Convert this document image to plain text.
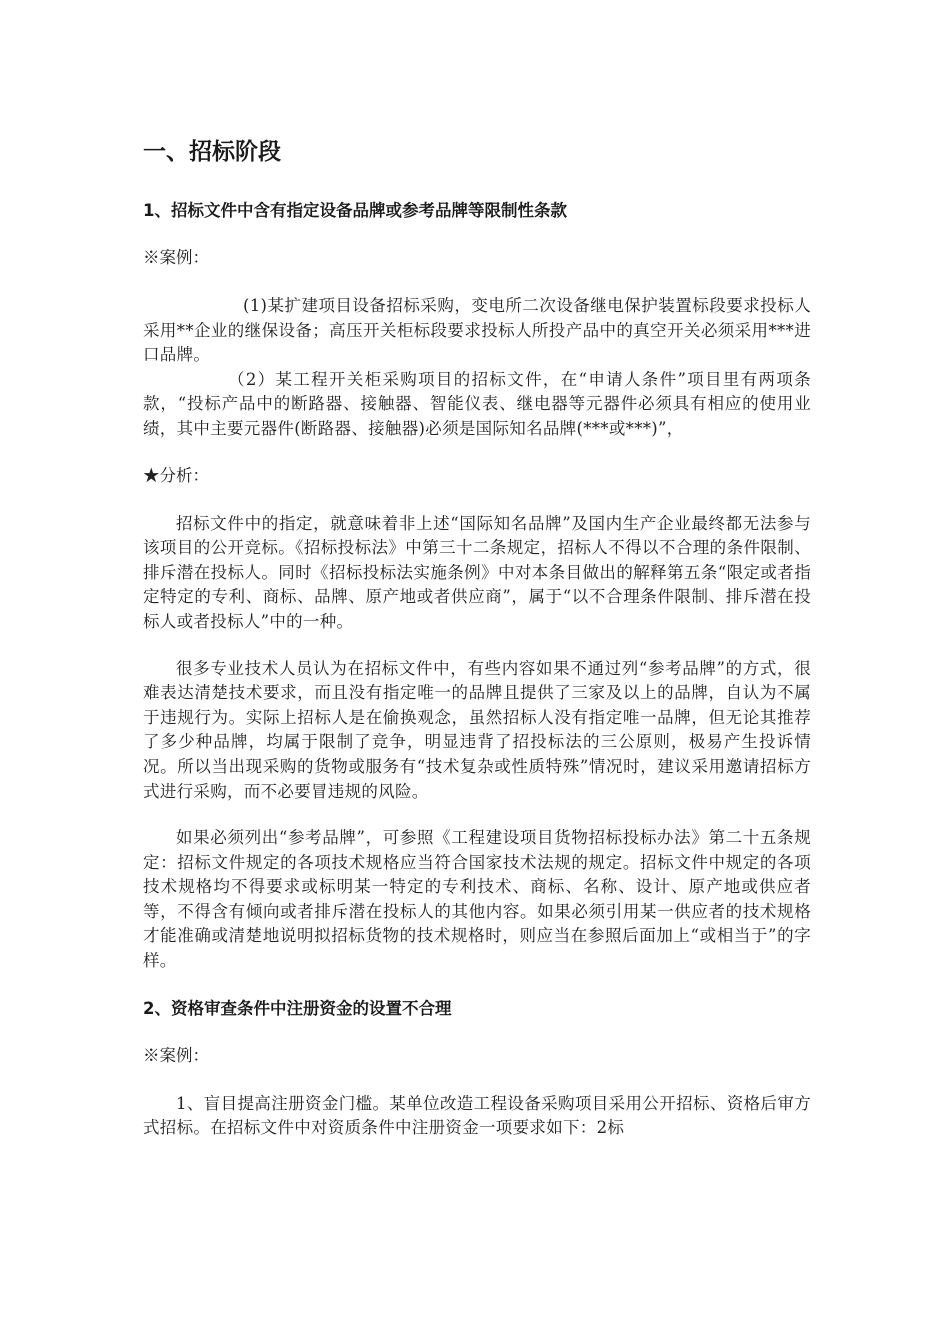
一、招标阶段
1、招标文件中含有指定设备品牌或参考品牌等限制性条款
※案例：

(1)某扩建项目设备招标采购，变电所二次设备继电保护装置标段要求投标人采用**企业的继保设备；高压开关柜标段要求投标人所投产品中的真空开关必须采用***进口品牌。

（2）某工程开关柜采购项目的招标文件，在“申请人条件”项目里有两项条款，“投标产品中的断路器、接触器、智能仪表、继电器等元器件必须具有相应的使用业绩，其中主要元器件(断路器、接触器)必须是国际知名品牌(***或***)”，

★分析：

招标文件中的指定，就意味着非上述“国际知名品牌”及国内生产企业最终都无法参与该项目的公开竞标。《招标投标法》中第三十二条规定，招标人不得以不合理的条件限制、排斥潜在投标人。同时《招标投标法实施条例》中对本条目做出的解释第五条“限定或者指定特定的专利、商标、品牌、原产地或者供应商”，属于“以不合理条件限制、排斥潜在投标人或者投标人”中的一种。

很多专业技术人员认为在招标文件中，有些内容如果不通过列“参考品牌”的方式，很难表达清楚技术要求，而且没有指定唯一的品牌且提供了三家及以上的品牌，自认为不属于违规行为。实际上招标人是在偷换观念，虽然招标人没有指定唯一品牌，但无论其推荐了多少种品牌，均属于限制了竞争，明显违背了招投标法的三公原则，极易产生投诉情况。所以当出现采购的货物或服务有“技术复杂或性质特殊”情况时，建议采用邀请招标方式进行采购，而不必要冒违规的风险。

如果必须列出“参考品牌”，可参照《工程建设项目货物招标投标办法》第二十五条规定：招标文件规定的各项技术规格应当符合国家技术法规的规定。招标文件中规定的各项技术规格均不得要求或标明某一特定的专利技术、商标、名称、设计、原产地或供应者等，不得含有倾向或者排斥潜在投标人的其他内容。如果必须引用某一供应者的技术规格才能准确或清楚地说明拟招标货物的技术规格时，则应当在参照后面加上“或相当于”的字样。

2、资格审查条件中注册资金的设置不合理
※案例：

1、盲目提高注册资金门槛。某单位改造工程设备采购项目采用公开招标、资格后审方式招标。在招标文件中对资质条件中注册资金一项要求如下：2标
